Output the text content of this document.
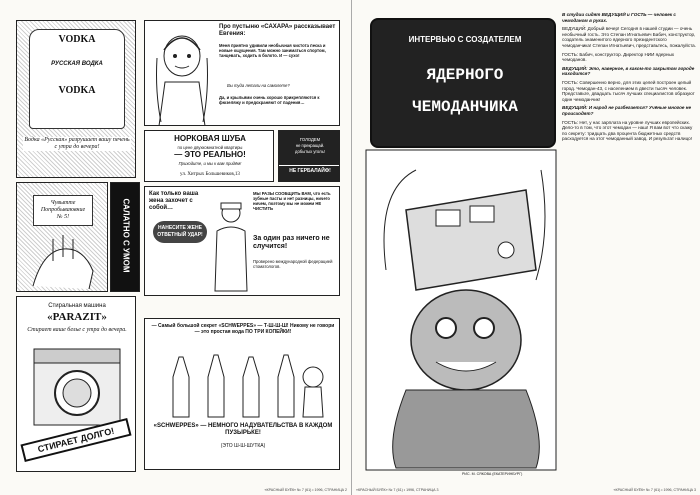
VODKA
РУССКАЯ ВОДКА
VODKA
Водка «Русская» разрушает вашу печень с утра до вечера!
Про пустыню «САХАРА» рассказывает Евгения:
Меня приятно удивили необычная чистота песка и новые ощущения. Там можно заниматься спортом, танцевать, ходить в болото. И — сухо!
Вы туда летали на самолете?
Да, и крыльями очень хорошо прикрепляются к фюзеляжу и предохраняют от падения…
НОРКОВАЯ ШУБА
по цене двухкомнатной квартиры
— ЭТО РЕАЛЬНО!
Приходите, и мы к вам придём!
ул. Хитрых Большевиков,13
ГОЛОДЕМ
не прекращай.
добытых уголь!
НЕ ГЕРБАЛАЙФ!
Чувытте Попробываювние № 5!	САЛАТНО С УМОМ
Как только ваша жена захочет с собой…
НАНЕСИТЕ ЖЕНЕ ОТВЕТНЫЙ УДАР!
МЫ РАЗЫ СООБЩИТЬ ВАМ, что есть зубные пасты и нет разницы, ничего ничем, поэтому мы не можем НЕ ЧИСТИТЬ
За один раз ничего не случится!
Проверено международной федерацией стоматологов.
Стиральная машина
«PARAZIT»
Стирает ваше белье с утра до вечера.
СТИРАЕТ ДОЛГО!
— Самый большой секрет «SCHWEPPES» — Т-Ш-Ш-Ш! Никому не говори — это простая вода ПО ТРИ КОПЕЙКИ!
«SCHWEPPES» — НЕМНОГО НАДУВАТЕЛЬСТВА В КАЖДОМ ПУЗЫРЬКЕ!
(ЭТО Ш-Ш-ШУТКА)
«КРАСНЫЙ БУЁК» № 7 (61) • 1996, СТРАНИЦА 2
ИНТЕРВЬЮ С СОЗДАТЕЛЕМ
ЯДЕРНОГО
ЧЕМОДАНЧИКА

В студии сидят ВЕДУЩИЙ и ГОСТЬ — человек с чемоданом в руках.

ВЕДУЩИЙ: Добрый вечер! Сегодня в нашей студии — очень необычный гость. Это Степан Игнатьевич Бабич, конструктор, создатель знаменитого ядерного президентского чемоданчика! Степан Игнатьевич, представьтесь, пожалуйста.

ГОСТЬ: Бабич, конструктор. Директор НИИ ядерных чемоданов.

ВЕДУЩИЙ: Это, наверное, в каком-то закрытом городе находится?

ГОСТЬ: Совершенно верно, для этих целей построен целый город. Чемодан-43, с населением в двести тысяч человек. Представьте, двадцать тысяч лучших специалистов образуют один чемоданчик!

ВЕДУЩИЙ: И народ не разбегается? Учёные многое не происходят?

ГОСТЬ: Нет, у нас зарплата на уровне лучших европейских. Дело-то в том, что этот чемодан — наш! Я вам вот что скажу по секрету: тридцать два процента бюджетных средств расходуется на этот чемоданный завод. И результат налицо!

РИС. М. СЯКОВА (ЕКАТЕРИНБУРГ)
«КРАСНЫЙ БУЁК» № 7 (61) • 1996, СТРАНИЦА 3	«КРАСНЫЙ БУЁК» № 7 (61) • 1996, СТРАНИЦА 3
